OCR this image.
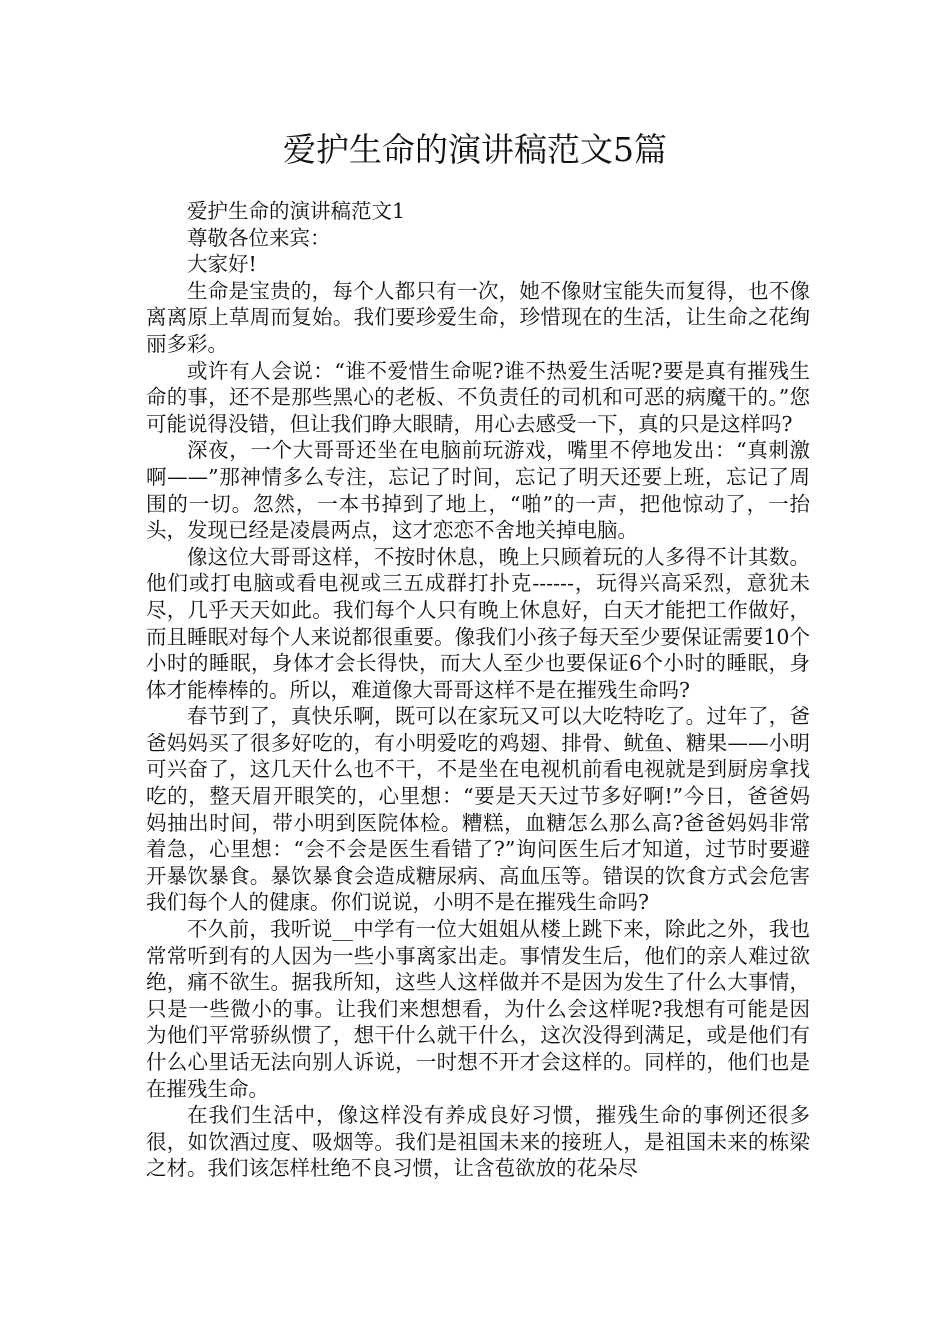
爱护生命的演讲稿范文5篇

爱护生命的演讲稿范文1

尊敬各位来宾：

大家好!

生命是宝贵的，每个人都只有一次，她不像财宝能失而复得，也不像离离原上草周而复始。我们要珍爱生命，珍惜现在的生活，让生命之花绚丽多彩。

或许有人会说：“谁不爱惜生命呢?谁不热爱生活呢?要是真有摧残生命的事，还不是那些黑心的老板、不负责任的司机和可恶的病魔干的。”您可能说得没错，但让我们睁大眼睛，用心去感受一下，真的只是这样吗?

深夜，一个大哥哥还坐在电脑前玩游戏，嘴里不停地发出：“真刺激啊——”那神情多么专注，忘记了时间，忘记了明天还要上班，忘记了周围的一切。忽然，一本书掉到了地上，“啪”的一声，把他惊动了，一抬头，发现已经是凌晨两点，这才恋恋不舍地关掉电脑。

像这位大哥哥这样，不按时休息，晚上只顾着玩的人多得不计其数。他们或打电脑或看电视或三五成群打扑克------，玩得兴高采烈，意犹未尽，几乎天天如此。我们每个人只有晚上休息好，白天才能把工作做好，而且睡眠对每个人来说都很重要。像我们小孩子每天至少要保证需要10个小时的睡眠，身体才会长得快，而大人至少也要保证6个小时的睡眠，身体才能棒棒的。所以，难道像大哥哥这样不是在摧残生命吗?

春节到了，真快乐啊，既可以在家玩又可以大吃特吃了。过年了，爸爸妈妈买了很多好吃的，有小明爱吃的鸡翅、排骨、鱿鱼、糖果——小明可兴奋了，这几天什么也不干，不是坐在电视机前看电视就是到厨房拿找吃的，整天眉开眼笑的，心里想：“要是天天过节多好啊!”今日，爸爸妈妈抽出时间，带小明到医院体检。糟糕，血糖怎么那么高?爸爸妈妈非常着急，心里想：“会不会是医生看错了?”询问医生后才知道，过节时要避开暴饮暴食。暴饮暴食会造成糖尿病、高血压等。错误的饮食方式会危害我们每个人的健康。你们说说，小明不是在摧残生命吗?

不久前，我听说__中学有一位大姐姐从楼上跳下来，除此之外，我也常常听到有的人因为一些小事离家出走。事情发生后，他们的亲人难过欲绝，痛不欲生。据我所知，这些人这样做并不是因为发生了什么大事情，只是一些微小的事。让我们来想想看，为什么会这样呢?我想有可能是因为他们平常骄纵惯了，想干什么就干什么，这次没得到满足，或是他们有什么心里话无法向别人诉说，一时想不开才会这样的。同样的，他们也是在摧残生命。

在我们生活中，像这样没有养成良好习惯，摧残生命的事例还很多很，如饮酒过度、吸烟等。我们是祖国未来的接班人，是祖国未来的栋梁之材。我们该怎样杜绝不良习惯，让含苞欲放的花朵尽
